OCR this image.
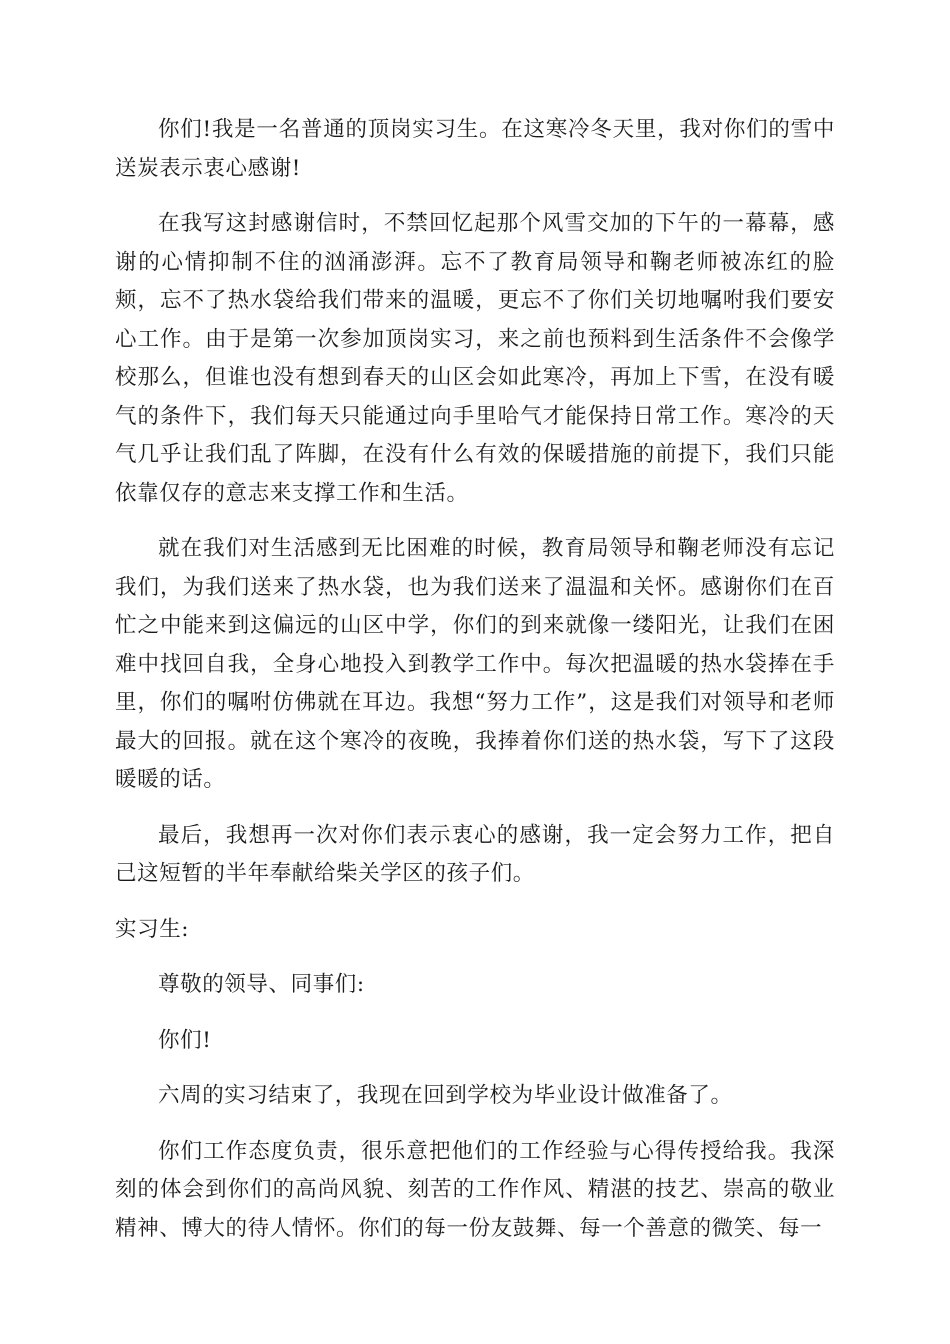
你们!我是一名普通的顶岗实习生。在这寒冷冬天里，我对你们的雪中送炭表示衷心感谢!

在我写这封感谢信时，不禁回忆起那个风雪交加的下午的一幕幕，感谢的心情抑制不住的汹涌澎湃。忘不了教育局领导和鞠老师被冻红的脸颊，忘不了热水袋给我们带来的温暖，更忘不了你们关切地嘱咐我们要安心工作。由于是第一次参加顶岗实习，来之前也预料到生活条件不会像学校那么，但谁也没有想到春天的山区会如此寒冷，再加上下雪，在没有暖气的条件下，我们每天只能通过向手里哈气才能保持日常工作。寒冷的天气几乎让我们乱了阵脚，在没有什么有效的保暖措施的前提下，我们只能依靠仅存的意志来支撑工作和生活。

就在我们对生活感到无比困难的时候，教育局领导和鞠老师没有忘记我们，为我们送来了热水袋，也为我们送来了温温和关怀。感谢你们在百忙之中能来到这偏远的山区中学，你们的到来就像一缕阳光，让我们在困难中找回自我，全身心地投入到教学工作中。每次把温暖的热水袋捧在手里，你们的嘱咐仿佛就在耳边。我想“努力工作”，这是我们对领导和老师最大的回报。就在这个寒冷的夜晚，我捧着你们送的热水袋，写下了这段暖暖的话。

最后，我想再一次对你们表示衷心的感谢，我一定会努力工作，把自己这短暂的半年奉献给柴关学区的孩子们。

实习生:

尊敬的领导、同事们:

你们!

六周的实习结束了，我现在回到学校为毕业设计做准备了。

你们工作态度负责，很乐意把他们的工作经验与心得传授给我。我深刻的体会到你们的高尚风貌、刻苦的工作作风、精湛的技艺、崇高的敬业精神、博大的待人情怀。你们的每一份友鼓舞、每一个善意的微笑、每一
